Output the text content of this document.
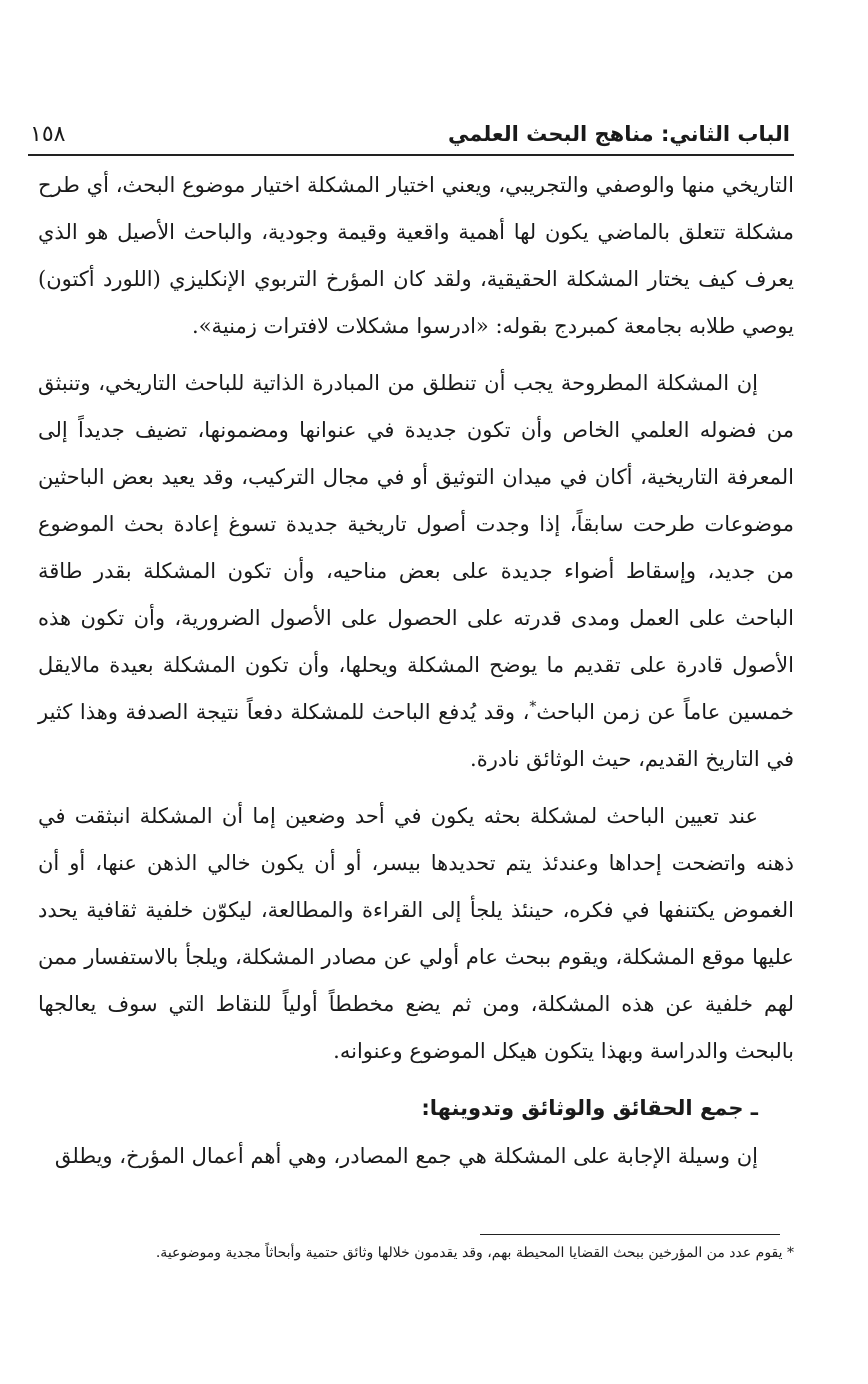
الباب الثاني: مناهج البحث العلمي
١٥٨

التاريخي منها والوصفي والتجريبي، ويعني اختيار المشكلة اختيار موضوع البحث، أي طرح مشكلة تتعلق بالماضي يكون لها أهمية واقعية وقيمة وجودية، والباحث الأصيل هو الذي يعرف كيف يختار المشكلة الحقيقية، ولقد كان المؤرخ التربوي الإنكليزي (اللورد أكتون) يوصي طلابه بجامعة كمبردج بقوله: «ادرسوا مشكلات لافترات زمنية».

إن المشكلة المطروحة يجب أن تنطلق من المبادرة الذاتية للباحث التاريخي، وتنبثق من فضوله العلمي الخاص وأن تكون جديدة في عنوانها ومضمونها، تضيف جديداً إلى المعرفة التاريخية، أكان في ميدان التوثيق أو في مجال التركيب، وقد يعيد بعض الباحثين موضوعات طرحت سابقاً، إذا وجدت أصول تاريخية جديدة تسوغ إعادة بحث الموضوع من جديد، وإسقاط أضواء جديدة على بعض مناحيه، وأن تكون المشكلة بقدر طاقة الباحث على العمل ومدى قدرته على الحصول على الأصول الضرورية، وأن تكون هذه الأصول قادرة على تقديم ما يوضح المشكلة ويحلها، وأن تكون المشكلة بعيدة مالايقل خمسين عاماً عن زمن الباحث*، وقد يُدفع الباحث للمشكلة دفعاً نتيجة الصدفة وهذا كثير في التاريخ القديم، حيث الوثائق نادرة.

عند تعيين الباحث لمشكلة بحثه يكون في أحد وضعين إما أن المشكلة انبثقت في ذهنه واتضحت إحداها وعندئذ يتم تحديدها بيسر، أو أن يكون خالي الذهن عنها، أو أن الغموض يكتنفها في فكره، حينئذ يلجأ إلى القراءة والمطالعة، ليكوّن خلفية ثقافية يحدد عليها موقع المشكلة، ويقوم ببحث عام أولي عن مصادر المشكلة، ويلجأ بالاستفسار ممن لهم خلفية عن هذه المشكلة، ومن ثم يضع مخططاً أولياً للنقاط التي سوف يعالجها بالبحث والدراسة وبهذا يتكون هيكل الموضوع وعنوانه.

ـ جمع الحقائق والوثائق وتدوينها:

إن وسيلة الإجابة على المشكلة هي جمع المصادر، وهي أهم أعمال المؤرخ، ويطلق

* يقوم عدد من المؤرخين ببحث القضايا المحيطة بهم، وقد يقدمون خلالها وثائق حتمية وأبحاثاً مجدية وموضوعية.
